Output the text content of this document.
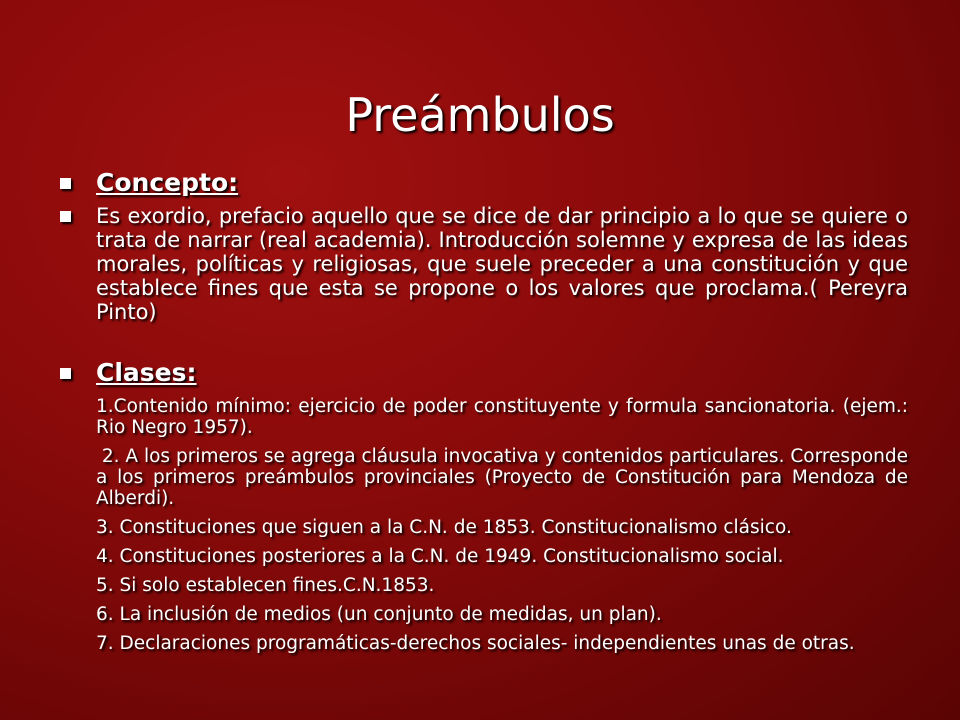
Preámbulos

Concepto:

Es exordio, prefacio aquello que se dice de dar principio a lo que se quiere o trata de narrar (real academia). Introducción solemne y expresa de las ideas morales, políticas y religiosas, que suele preceder a una constitución y que establece fines que esta se propone o los valores que proclama.( Pereyra Pinto)

Clases:

1.Contenido mínimo: ejercicio de poder constituyente y formula sancionatoria. (ejem.: Rio Negro 1957).

2. A los primeros se agrega cláusula invocativa y contenidos particulares. Corresponde a los primeros preámbulos provinciales (Proyecto de Constitución para Mendoza de Alberdi).

3. Constituciones que siguen a la C.N. de 1853. Constitucionalismo clásico.

4. Constituciones posteriores a la C.N. de 1949. Constitucionalismo social.

5. Si solo establecen fines.C.N.1853.

6. La inclusión de medios (un conjunto de medidas, un plan).

7. Declaraciones programáticas-derechos sociales- independientes unas de otras.
